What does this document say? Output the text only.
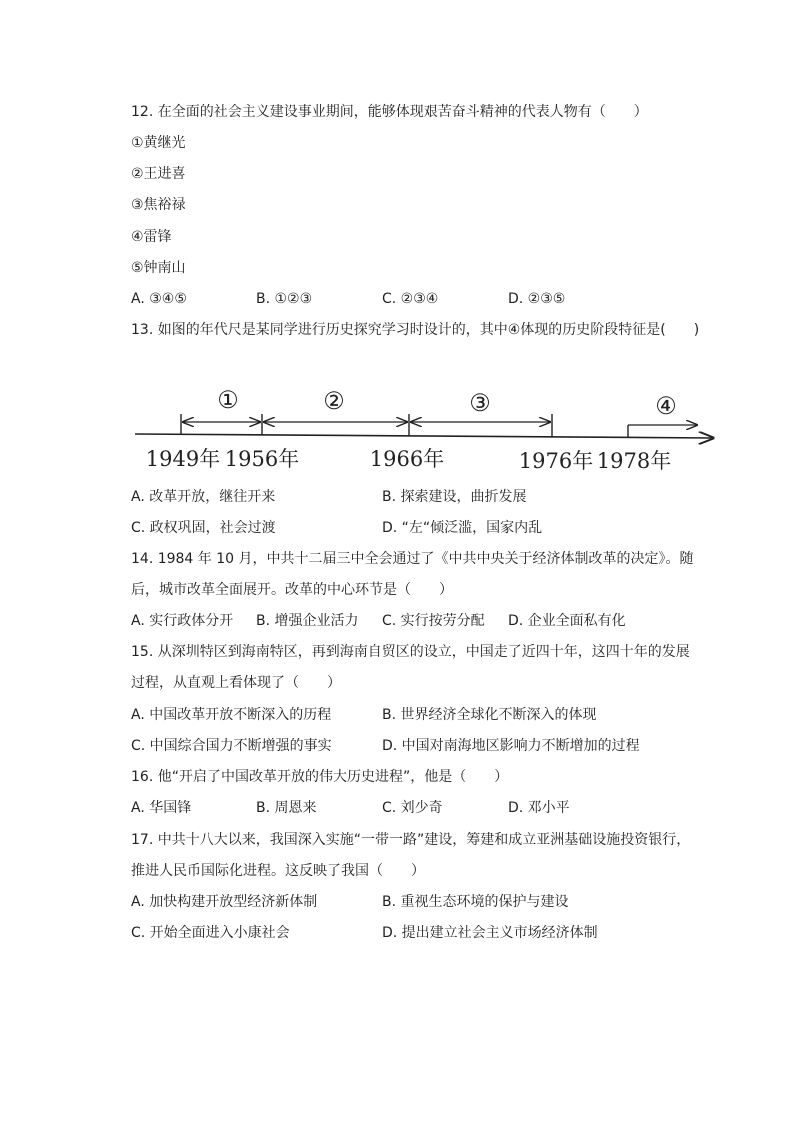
12. 在全面的社会主义建设事业期间，能够体现艰苦奋斗精神的代表人物有（　　）
①黄继光
②王进喜
③焦裕禄
④雷锋
⑤钟南山
A. ③④⑤	B. ①②③	C. ②③④	D. ②③⑤
13. 如图的年代尺是某同学进行历史探究学习时设计的，其中④体现的历史阶段特征是(　　)
①	②	③	④
1949年 1956年	1966年	1976年 1978年
A. 改革开放，继往开来	B. 探索建设，曲折发展
C. 政权巩固，社会过渡	D. “左“倾泛滥，国家内乱
14. 1984 年 10 月，中共十二届三中全会通过了《中共中央关于经济体制改革的决定》。随
后，城市改革全面展开。改革的中心环节是（　　）
A. 实行政体分开 B. 增强企业活力 C. 实行按劳分配 D. 企业全面私有化
15. 从深圳特区到海南特区，再到海南自贸区的设立，中国走了近四十年，这四十年的发展
过程，从直观上看体现了（　　）
A. 中国改革开放不断深入的历程	B. 世界经济全球化不断深入的体现
C. 中国综合国力不断增强的事实	D. 中国对南海地区影响力不断增加的过程
16. 他“开启了中国改革开放的伟大历史进程”，他是（　　）
A. 华国锋	B. 周恩来	C. 刘少奇	D. 邓小平
17. 中共十八大以来，我国深入实施“一带一路”建设，筹建和成立亚洲基础设施投资银行，
推进人民币国际化进程。这反映了我国（　　）
A. 加快构建开放型经济新体制	B. 重视生态环境的保护与建设
C. 开始全面进入小康社会	D. 提出建立社会主义市场经济体制
